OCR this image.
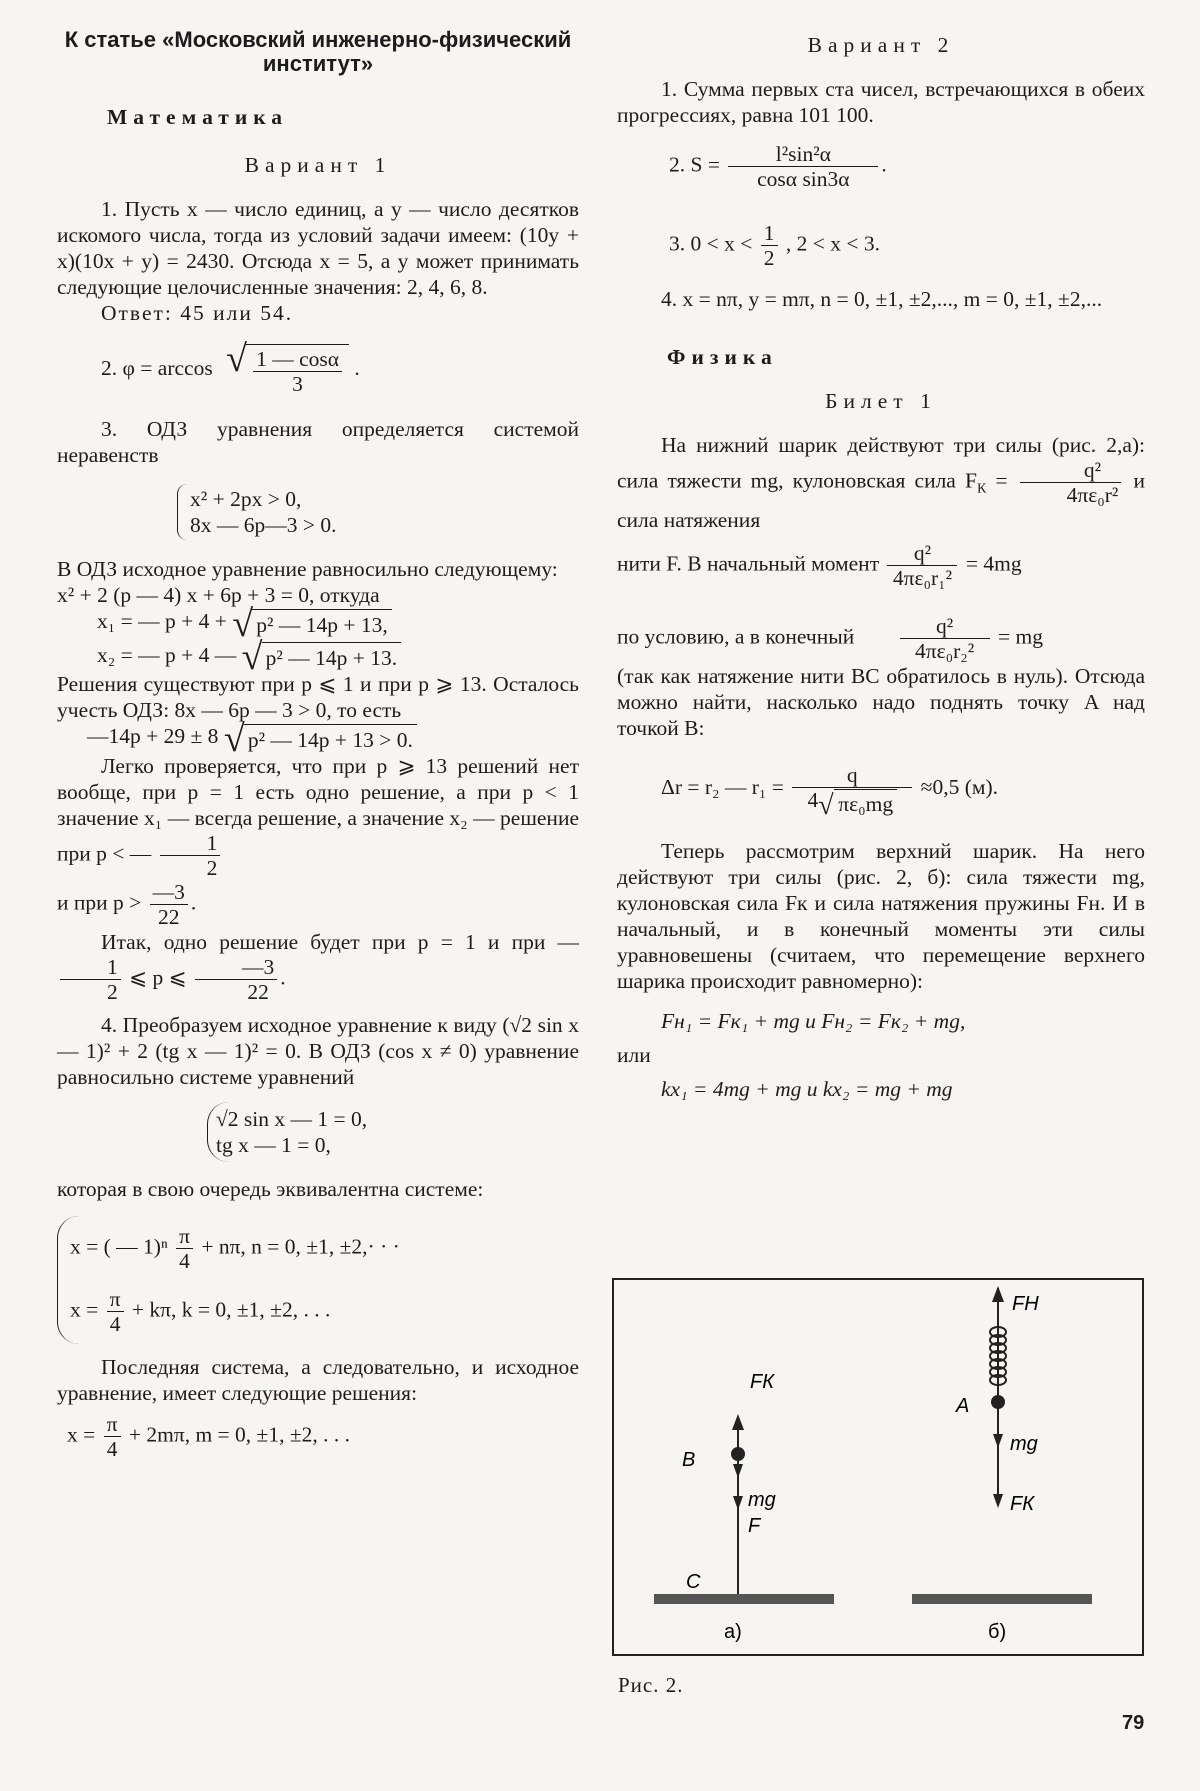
К статье «Московский инженерно-физический институт»
Математика
Вариант 1

1. Пусть x — число единиц, а y — число десятков искомого числа, тогда из условий задачи имеем: (10y + x)(10x + y) = 2430. Отсюда x = 5, а y может принимать следующие целочисленные значения: 2, 4, 6, 8.

Ответ: 45 или 54.

2. φ = arccos √ $\frac{1 — \cos\alpha}{3}$ .

3. ОДЗ уравнения определяется системой неравенств

x² + 2px > 0,
8x — 6p—3 > 0.

В ОДЗ исходное уравнение равносильно следующему:

x² + 2 (p — 4) x + 6p + 3 = 0, откуда

x₁ = — p + 4 + √ p² — 14p + 13,
x₂ = — p + 4 — √ p² — 14p + 13.

Решения существуют при p ⩽ 1 и при p ⩾ 13. Осталось учесть ОДЗ: 8x — 6p — 3 > 0, то есть

—14p + 29 ± 8 √ p² — 14p + 13 > 0.

Легко проверяется, что при p ⩾ 13 решений нет вообще, при p = 1 есть одно решение, а при p < 1 значение x₁ — всегда решение, а значение x₂ — решение при p < — $\frac{1}{2}$

и при $p > \frac{—3}{22}$ .

Итак, одно решение будет при p = 1 и при —
$\frac{1}{2}$ ⩽ p ⩽ $\frac{—3}{22}$ .

4. Преобразуем исходное уравнение к виду (√2 sin x — 1)² + 2 (tg x — 1)² = 0. В ОДЗ (cos x ≠ 0) уравнение равносильно системе уравнений

√2 sin x — 1 = 0,
tg x — 1 = 0,

которая в свою очередь эквивалентна системе:

x = ( — $1)^n \frac{\pi}{4} + n\pi$, n = 0, ±1, ±2,· · ·
$x = \frac{\pi}{4} + k\pi$, k = 0, ±1, ±2, . . .

Последняя система, а следовательно, и исходное уравнение, имеет следующие решения:

$x = \frac{\pi}{4} + 2m\pi$, m = 0, ±1, ±2, . . .
Вариант 2

1. Сумма первых ста чисел, встречающихся в обеих прогрессиях, равна 101 100.

2. $S = \frac{\text{l²sin²α}}{\text{cosα sin3α}}$ .
3. $0 < x < \frac{1}{2}$ , 2 < x < 3.

4. x = nπ, y = mπ, n = 0, ±1, ±2,..., m = 0, ±1, ±2,...

Физика
Билет 1

На нижний шарик действуют три силы (рис. 2,а): сила тяжести mg, кулоновская сила $F_К = \frac{\text{q²}}{\text{4πε₀r²}}$ и сила натяжения

нити F. В начальный момент $\frac{\text{q²}}{\text{4πε₀r₁²}} = 4mg$

по условию, а в конечный $\frac{\text{q²}}{\text{4πε₀r₂²}}$ = mg

(так как натяжение нити BC обратилось в нуль). Отсюда можно найти, насколько надо поднять точку A над точкой B:

Δr = r₂ — $r_1 = \frac{q}{\text{4 √ πε₀mg}} \approx 0,5$ (м).

Теперь рассмотрим верхний шарик. На него действуют три силы (рис. 2, б): сила тяжести mg, кулоновская сила Fк и сила натяжения пружины Fн. И в начальный, и в конечный моменты эти силы уравновешены (считаем, что перемещение верхнего шарика происходит равномерно):

Fн₁ = Fк₁ + mg и Fн₂ = Fк₂ + mg,
или
kx₁ = 4mg + mg и kx₂ = mg + mg
FК
B
mg
F
C
FН
A
mg
FК
а)	б)
Рис. 2.
79
